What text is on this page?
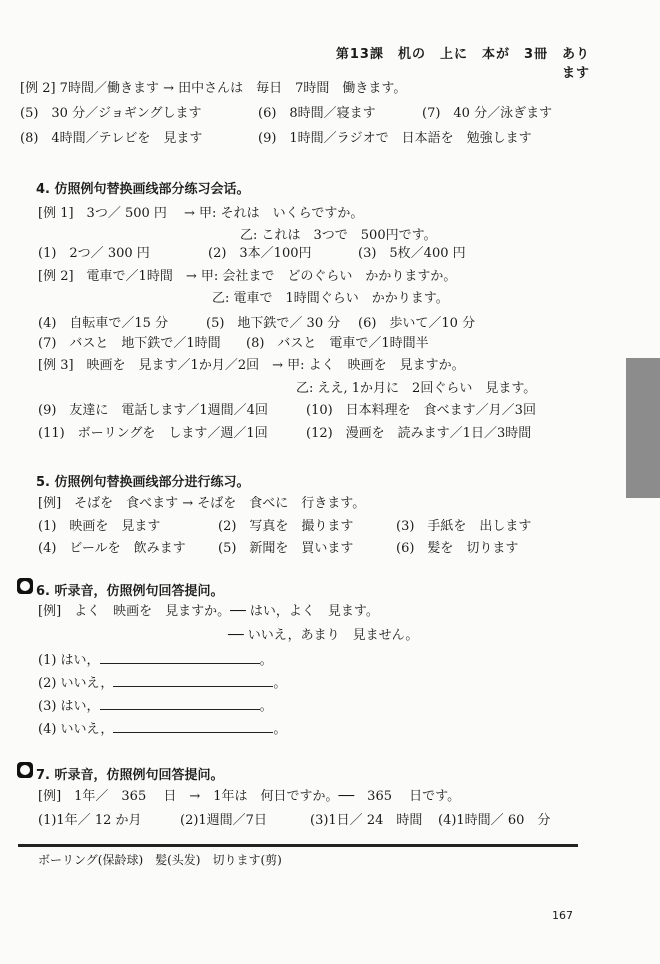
第13課　机の　上に　本が　3冊　あります
[例 2] 7時間／働きます → 田中さんは　毎日　7時間　働きます。
(5)　30 分／ジョギングします	(6)　8時間／寝ます	(7)　40 分／泳ぎます
(8)　4時間／テレビを　見ます	(9)　1時間／ラジオで　日本語を　勉強します
4. 仿照例句替换画线部分练习会话。
[例 1]　3つ／ 500 円　 → 甲: それは　いくらですか。
乙: これは　3つで　500円です。
(1)　2つ／ 300 円	(2)　3本／100円	(3)　5枚／400 円
[例 2]　電車で／1時間　→ 甲: 会社まで　どのぐらい　かかりますか。
乙: 電車で　1時間ぐらい　かかります。
(4)　自転車で／15 分	(5)　地下鉄で／ 30 分 (6)　歩いて／10 分
(7)　バスと　地下鉄で／1時間 (8)　バスと　電車で／1時間半
[例 3]　映画を　見ます／1か月／2回　→ 甲: よく　映画を　見ますか。
乙: ええ, 1か月に　2回ぐらい　見ます。
(9)　友達に　電話します／1週間／4回	(10)　日本料理を　食べます／月／3回
(11)　ボーリングを　します／週／1回	(12)　漫画を　読みます／1日／3時間
5. 仿照例句替换画线部分进行练习。
[例]　そばを　食べます → そばを　食べに　行きます。
(1)　映画を　見ます	(2)　写真を　撮ります	(3)　手紙を　出します
(4)　ビールを　飲みます (5)　新聞を　買います	(6)　髪を　切ります
6. 听录音，仿照例句回答提问。
[例]　よく　映画を　見ますか。── はい，よく　見ます。
── いいえ，あまり　見ません。
(1) はい，	。
(2) いいえ，	。
(3) はい，	。
(4) いいえ，	。
7. 听录音，仿照例句回答提问。
[例]　1年／　365　 日　→　1年は　何日ですか。──　365　 日です。
(1)1年／ 12 か月	(2)1週間／7日	(3)1日／ 24　時間 (4)1時間／ 60　分
ボーリング(保龄球)　髪(头发)　切ります(剪)
167
